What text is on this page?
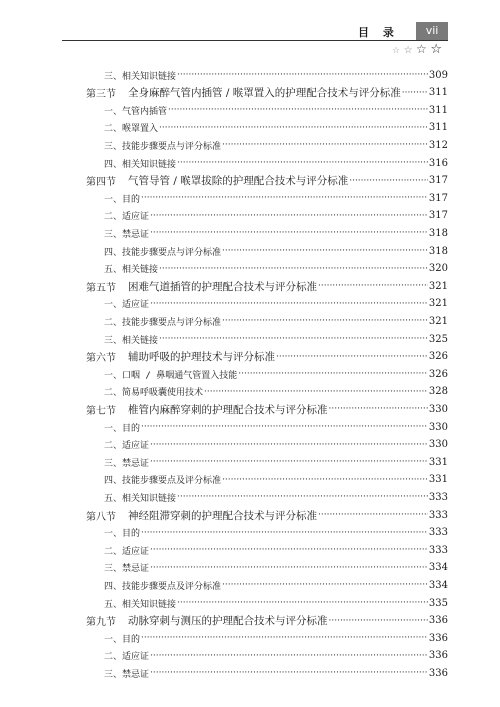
目 录	vii
☆ ☆ ☆ ☆
三、相关知识链接 ·····	309
第三节	全身麻醉气管内插管 / 喉罩置入的护理配合技术与评分标准 ·····	311
一、气管内插管 ·····	311
二、喉罩置入 ·····	311
三、技能步骤要点与评分标准 ·····	312
四、相关知识链接 ·····	316
第四节	气管导管 / 喉罩拔除的护理配合技术与评分标准 ·····	317
一、目的 ·····	317
二、适应证 ·····	317
三、禁忌证 ·····	318
四、技能步骤要点与评分标准 ·····	318
五、相关链接 ·····	320
第五节	困难气道插管的护理配合技术与评分标准 ·····	321
一、适应证 ·····	321
二、技能步骤要点与评分标准 ·····	321
三、相关链接 ·····	325
第六节	辅助呼吸的护理技术与评分标准 ·····	326
一、口咽 / 鼻咽通气管置入技能 ·····	326
二、简易呼吸囊使用技术 ·····	328
第七节	椎管内麻醉穿刺的护理配合技术与评分标准 ·····	330
一、目的 ·····	330
二、适应证 ·····	330
三、禁忌证 ·····	331
四、技能步骤要点及评分标准 ·····	331
五、相关知识链接 ·····	333
第八节	神经阻滞穿刺的护理配合技术与评分标准 ·····	333
一、目的 ·····	333
二、适应证 ·····	333
三、禁忌证 ·····	334
四、技能步骤要点及评分标准 ·····	334
五、相关知识链接 ·····	335
第九节	动脉穿刺与测压的护理配合技术与评分标准 ·····	336
一、目的 ·····	336
二、适应证 ·····	336
三、禁忌证 ·····	336
